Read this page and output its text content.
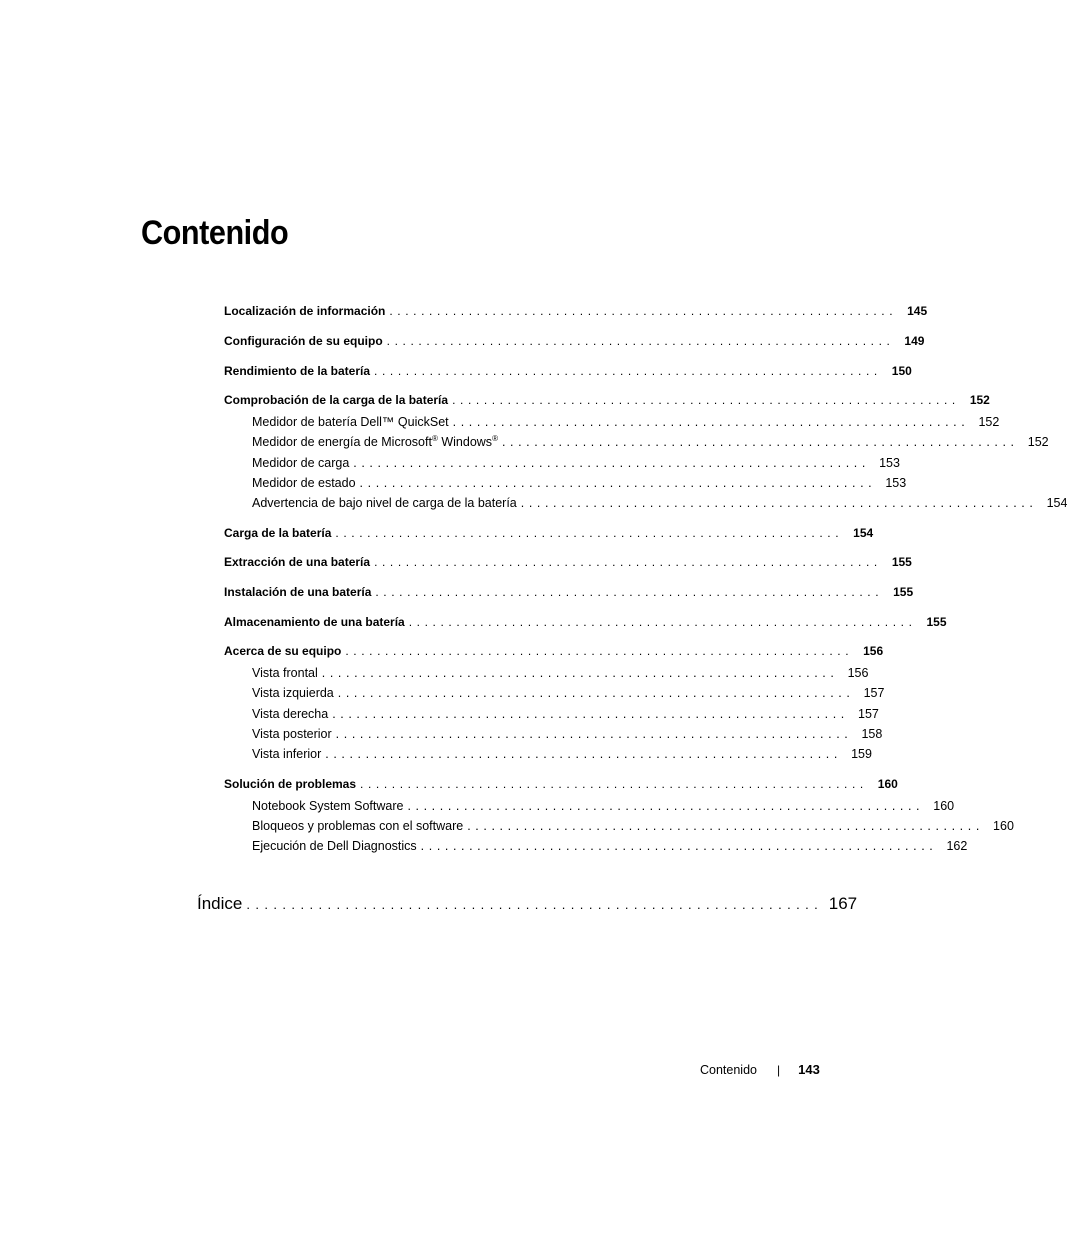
Contenido
Localización de información ................................................................ 145
Configuración de su equipo ................................................................ 149
Rendimiento de la batería ................................................................ 150
Comprobación de la carga de la batería ................................................................ 152
Medidor de batería Dell™ QuickSet ................................................................ 152
Medidor de energía de Microsoft® Windows® ................................................................ 152
Medidor de carga ................................................................ 153
Medidor de estado ................................................................ 153
Advertencia de bajo nivel de carga de la batería ................................................................ 154
Carga de la batería ................................................................ 154
Extracción de una batería ................................................................ 155
Instalación de una batería ................................................................ 155
Almacenamiento de una batería ................................................................ 155
Acerca de su equipo ................................................................ 156
Vista frontal ................................................................ 156
Vista izquierda ................................................................ 157
Vista derecha ................................................................ 157
Vista posterior ................................................................ 158
Vista inferior ................................................................ 159
Solución de problemas ................................................................ 160
Notebook System Software ................................................................ 160
Bloqueos y problemas con el software ................................................................ 160
Ejecución de Dell Diagnostics ................................................................ 162
Índice ................................................................ 167
Contenido | 143
